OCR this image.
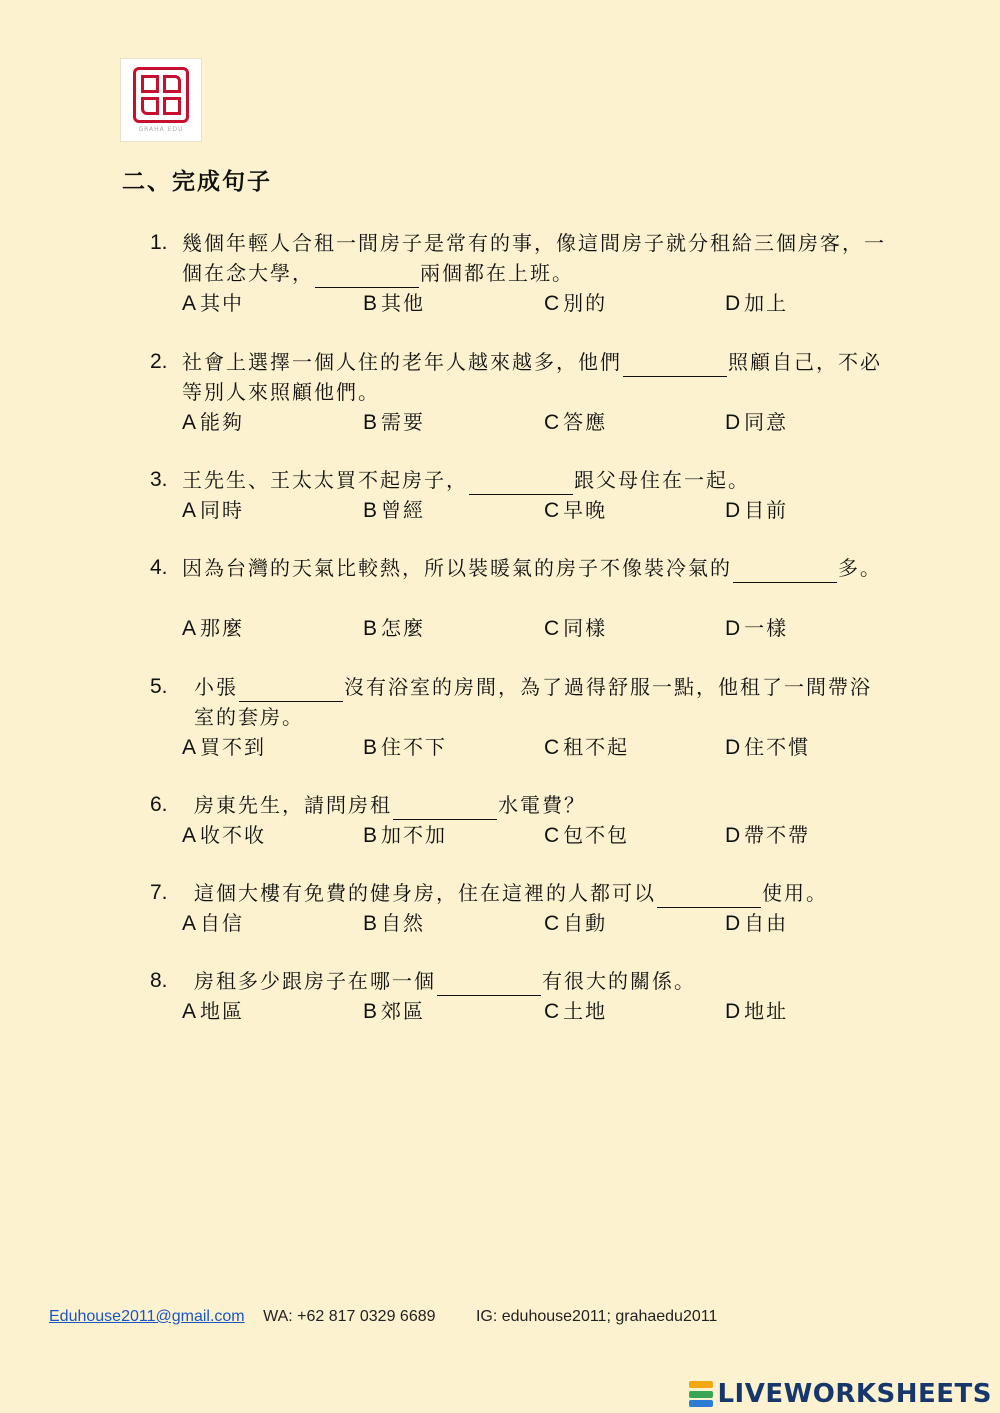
GRAHA EDU
二、完成句子
1. 幾個年輕人合租一間房子是常有的事，像這間房子就分租給三個房客，一個在念大學，	兩個都在上班。
A 其中	B 其他	C 別的	D 加上
2. 社會上選擇一個人住的老年人越來越多，他們	照顧自己，不必等別人來照顧他們。
A 能夠	B 需要	C 答應	D 同意
3. 王先生、王太太買不起房子，	跟父母住在一起。
A 同時	B 曾經	C 早晚	D 目前
4. 因為台灣的天氣比較熱，所以裝暖氣的房子不像裝冷氣的	多。
A 那麼	B 怎麼	C 同樣	D 一樣
5. 小張	沒有浴室的房間，為了過得舒服一點，他租了一間帶浴室的套房。
A 買不到	B 住不下	C 租不起	D 住不慣
6. 房東先生，請問房租	水電費？
A 收不收	B 加不加	C 包不包	D 帶不帶
7. 這個大樓有免費的健身房，住在這裡的人都可以	使用。
A 自信	B 自然	C 自動	D 自由
8. 房租多少跟房子在哪一個	有很大的關係。
A 地區	B 郊區	C 土地	D 地址
Eduhouse2011@gmail.com WA: +62 817 0329 6689	IG: eduhouse2011; grahaedu2011
LIVEWORKSHEETS
